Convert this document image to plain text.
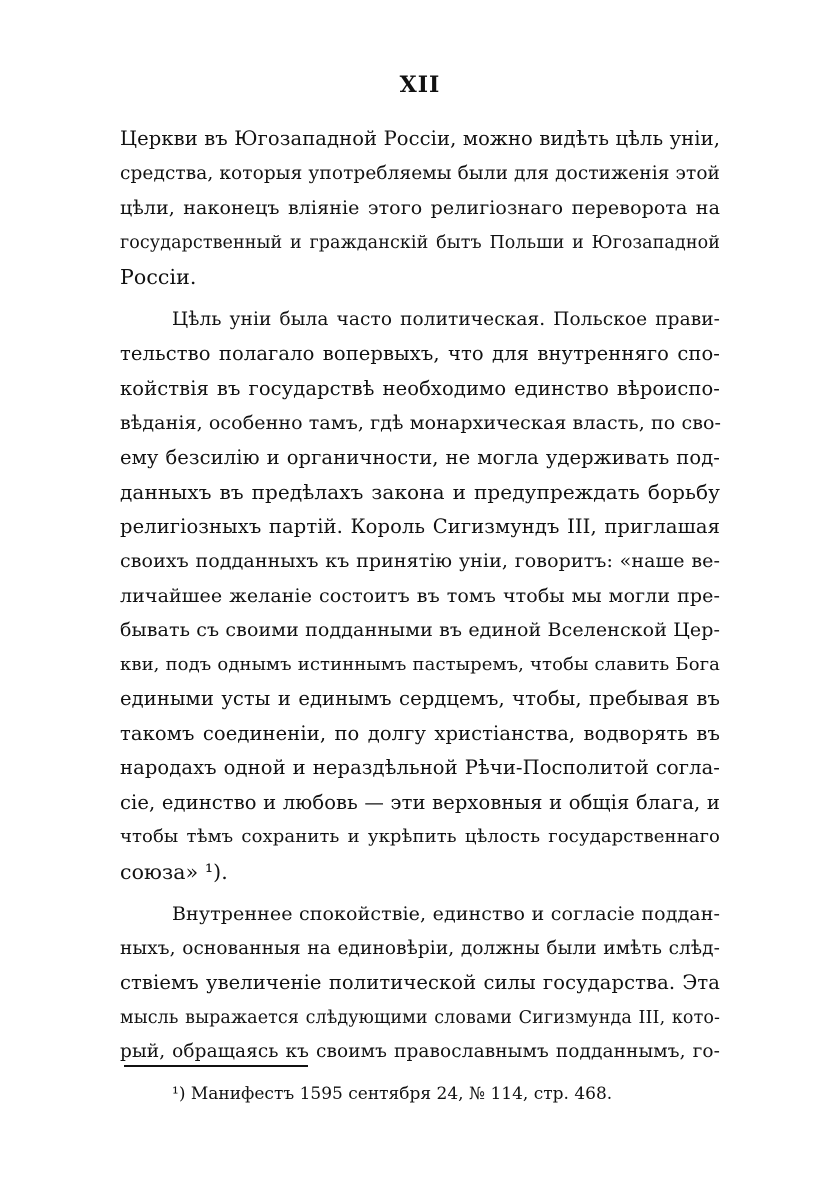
XII
Церкви въ Югозападной Россіи, можно видѣть цѣль уніи,
средства, которыя употребляемы были для достиженія этой
цѣли, наконецъ вліяніе этого религіознаго переворота на
государственный и гражданскій бытъ Польши и Югозападной
Россіи.
Цѣль уніи была часто политическая. Польское прави-
тельство полагало вопервыхъ, что для внутренняго спо-
койствія въ государствѣ необходимо единство вѣроиспо-
вѣданія, особенно тамъ, гдѣ монархическая власть, по сво-
ему безсилію и органичности, не могла удерживать под-
данныхъ въ предѣлахъ закона и предупреждать борьбу
религіозныхъ партій. Король Сигизмундъ III, приглашая
своихъ подданныхъ къ принятію уніи, говоритъ: «наше ве-
личайшее желаніе состоитъ въ томъ чтобы мы могли пре-
бывать съ своими подданными въ единой Вселенской Цер-
кви, подъ однымъ истиннымъ пастыремъ, чтобы славить Бога
едиными усты и единымъ сердцемъ, чтобы, пребывая въ
такомъ соединеніи, по долгу христіанства, водворять въ
народахъ одной и нераздѣльной Рѣчи-Посполитой согла-
сіе, единство и любовь — эти верховныя и общія блага, и
чтобы тѣмъ сохранить и укрѣпить цѣлость государственнаго
союза» ¹).
Внутреннее спокойствіе, единство и согласіе поддан-
ныхъ, основанныя на единовѣріи, должны были имѣть слѣд-
ствіемъ увеличеніе политической силы государства. Эта
мысль выражается слѣдующими словами Сигизмунда III, кото-
рый, обращаясь къ своимъ православнымъ подданнымъ, го-
¹) Манифестъ 1595 сентября 24, № 114, стр. 468.
